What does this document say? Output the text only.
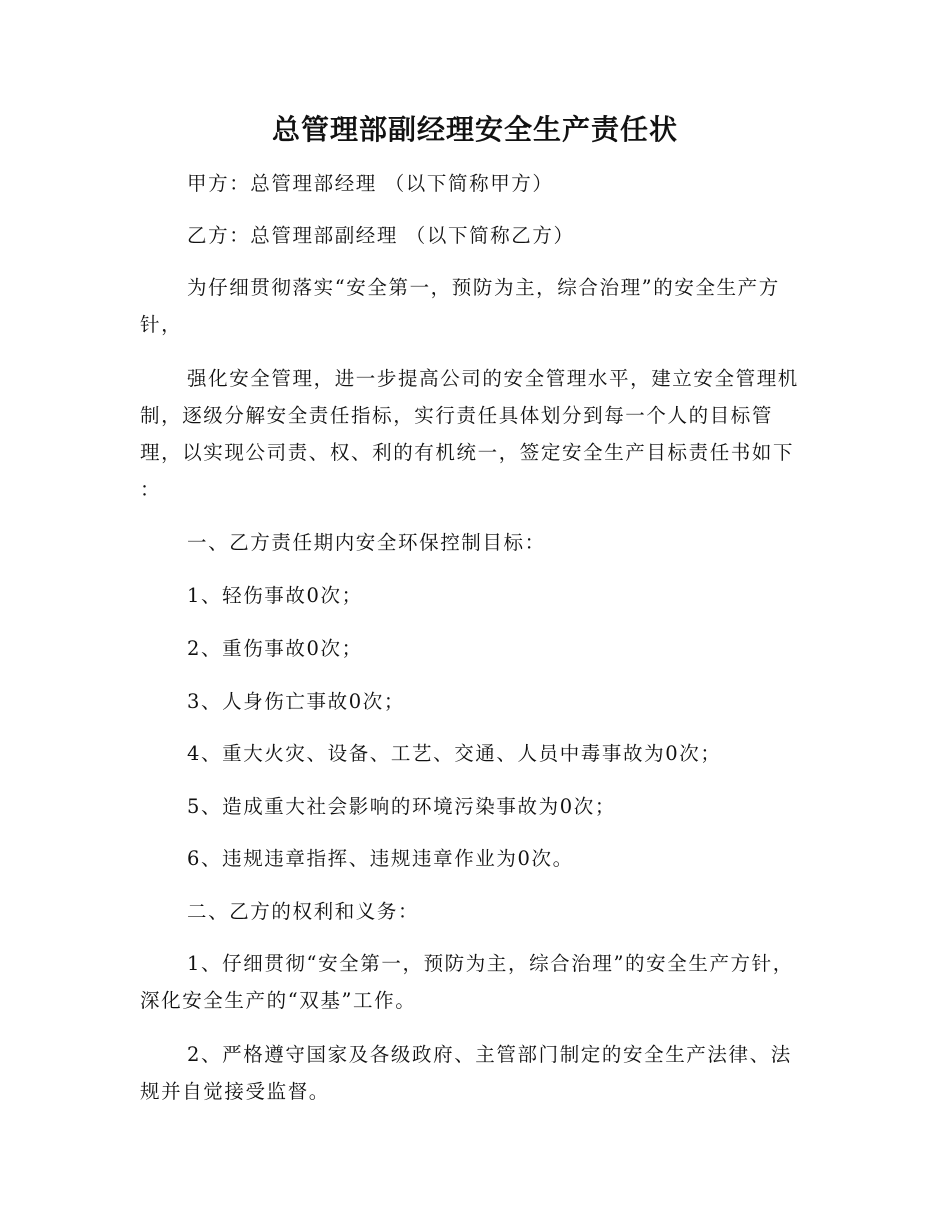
总管理部副经理安全生产责任状

甲方：总管理部经理 （以下简称甲方）

乙方：总管理部副经理 （以下简称乙方）

为仔细贯彻落实“安全第一，预防为主，综合治理”的安全生产方针，

强化安全管理，进一步提高公司的安全管理水平，建立安全管理机制，逐级分解安全责任指标，实行责任具体划分到每一个人的目标管理，以实现公司责、权、利的有机统一，签定安全生产目标责任书如下 ：

一、乙方责任期内安全环保控制目标：

1、轻伤事故0次；

2、重伤事故0次；

3、人身伤亡事故0次；

4、重大火灾、设备、工艺、交通、人员中毒事故为0次；

5、造成重大社会影响的环境污染事故为0次；

6、违规违章指挥、违规违章作业为0次。

二、乙方的权利和义务：

1、仔细贯彻“安全第一，预防为主，综合治理”的安全生产方针，深化安全生产的“双基”工作。

2、严格遵守国家及各级政府、主管部门制定的安全生产法律、法规并自觉接受监督。
